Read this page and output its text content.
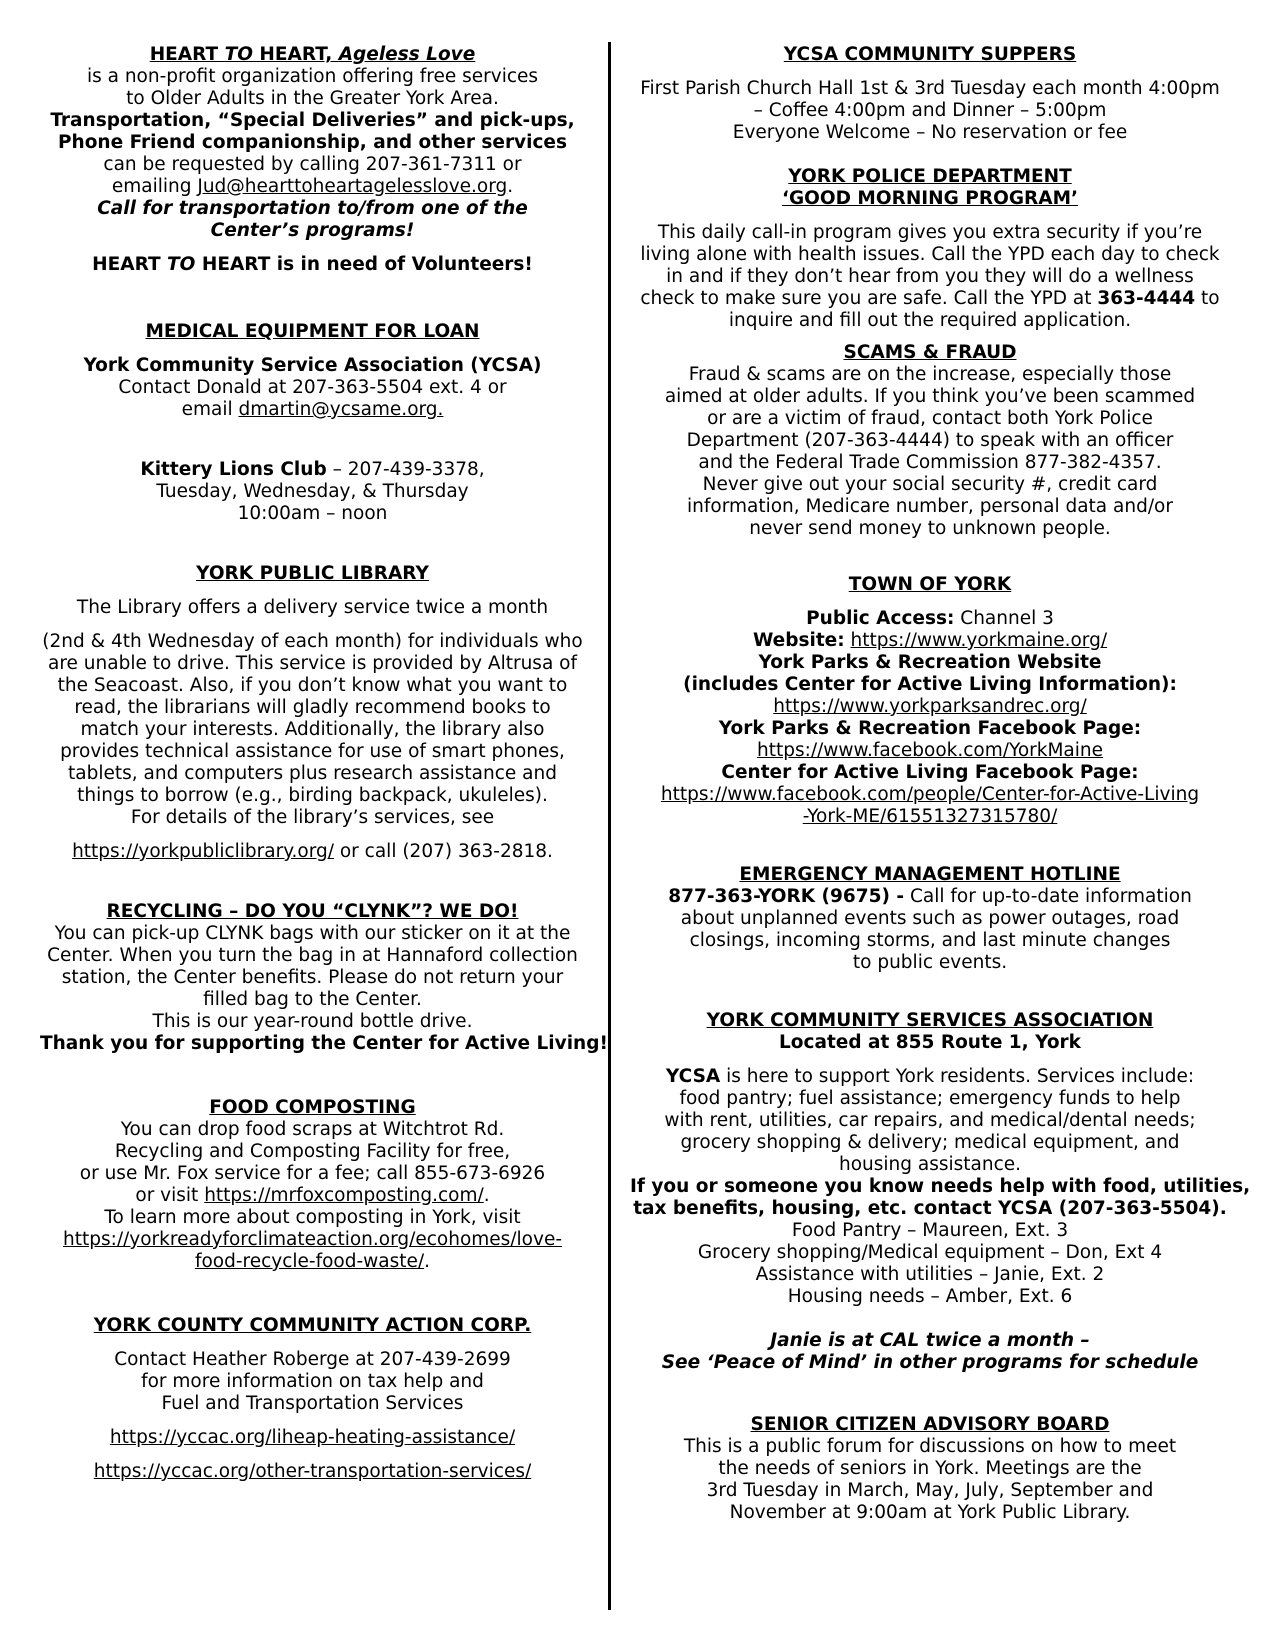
HEART TO HEART, Ageless Love
is a non-profit organization offering free services
to Older Adults in the Greater York Area.
Transportation, “Special Deliveries” and pick-ups,
Phone Friend companionship, and other services
can be requested by calling 207-361-7311 or
emailing Jud@hearttoheartagelesslove.org.
Call for transportation to/from one of the
Center’s programs!
HEART TO HEART is in need of Volunteers!
MEDICAL EQUIPMENT FOR LOAN
York Community Service Association (YCSA)
Contact Donald at 207-363-5504 ext. 4 or
email dmartin@ycsame.org.
Kittery Lions Club – 207-439-3378,
Tuesday, Wednesday, & Thursday
10:00am – noon
YORK PUBLIC LIBRARY
The Library offers a delivery service twice a month
(2nd & 4th Wednesday of each month) for individuals who
are unable to drive. This service is provided by Altrusa of
the Seacoast. Also, if you don’t know what you want to
read, the librarians will gladly recommend books to
match your interests. Additionally, the library also
provides technical assistance for use of smart phones,
tablets, and computers plus research assistance and
things to borrow (e.g., birding backpack, ukuleles).
For details of the library’s services, see
https://yorkpubliclibrary.org/ or call (207) 363-2818.
RECYCLING – DO YOU “CLYNK”? WE DO!
You can pick-up CLYNK bags with our sticker on it at the
Center. When you turn the bag in at Hannaford collection
station, the Center benefits. Please do not return your
filled bag to the Center.
This is our year-round bottle drive.
Thank you for supporting the Center for Active Living!
FOOD COMPOSTING
You can drop food scraps at Witchtrot Rd.
Recycling and Composting Facility for free,
or use Mr. Fox service for a fee; call 855-673-6926
or visit https://mrfoxcomposting.com/.
To learn more about composting in York, visit
https://yorkreadyforclimateaction.org/ecohomes/love-
food-recycle-food-waste/.
YORK COUNTY COMMUNITY ACTION CORP.
Contact Heather Roberge at 207-439-2699
for more information on tax help and
Fuel and Transportation Services
https://yccac.org/liheap-heating-assistance/
https://yccac.org/other-transportation-services/
YCSA COMMUNITY SUPPERS
First Parish Church Hall 1st & 3rd Tuesday each month 4:00pm
– Coffee 4:00pm and Dinner – 5:00pm
Everyone Welcome – No reservation or fee
YORK POLICE DEPARTMENT
‘GOOD MORNING PROGRAM’
This daily call-in program gives you extra security if you’re
living alone with health issues. Call the YPD each day to check
in and if they don’t hear from you they will do a wellness
check to make sure you are safe. Call the YPD at 363-4444 to
inquire and fill out the required application.
SCAMS & FRAUD
Fraud & scams are on the increase, especially those
aimed at older adults. If you think you’ve been scammed
or are a victim of fraud, contact both York Police
Department (207-363-4444) to speak with an officer
and the Federal Trade Commission 877-382-4357.
Never give out your social security #, credit card
information, Medicare number, personal data and/or
never send money to unknown people.
TOWN OF YORK
Public Access: Channel 3
Website: https://www.yorkmaine.org/
York Parks & Recreation Website
(includes Center for Active Living Information):
https://www.yorkparksandrec.org/
York Parks & Recreation Facebook Page:
https://www.facebook.com/YorkMaine
Center for Active Living Facebook Page:
https://www.facebook.com/people/Center-for-Active-Living
-York-ME/61551327315780/
EMERGENCY MANAGEMENT HOTLINE
877-363-YORK (9675) - Call for up-to-date information
about unplanned events such as power outages, road
closings, incoming storms, and last minute changes
to public events.
YORK COMMUNITY SERVICES ASSOCIATION
Located at 855 Route 1, York
YCSA is here to support York residents. Services include:
food pantry; fuel assistance; emergency funds to help
with rent, utilities, car repairs, and medical/dental needs;
grocery shopping & delivery; medical equipment, and
housing assistance.
If you or someone you know needs help with food, utilities,
tax benefits, housing, etc. contact YCSA (207-363-5504).
Food Pantry – Maureen, Ext. 3
Grocery shopping/Medical equipment – Don, Ext 4
Assistance with utilities – Janie, Ext. 2
Housing needs – Amber, Ext. 6
Janie is at CAL twice a month –
See ‘Peace of Mind’ in other programs for schedule
SENIOR CITIZEN ADVISORY BOARD
This is a public forum for discussions on how to meet
the needs of seniors in York. Meetings are the
3rd Tuesday in March, May, July, September and
November at 9:00am at York Public Library.
